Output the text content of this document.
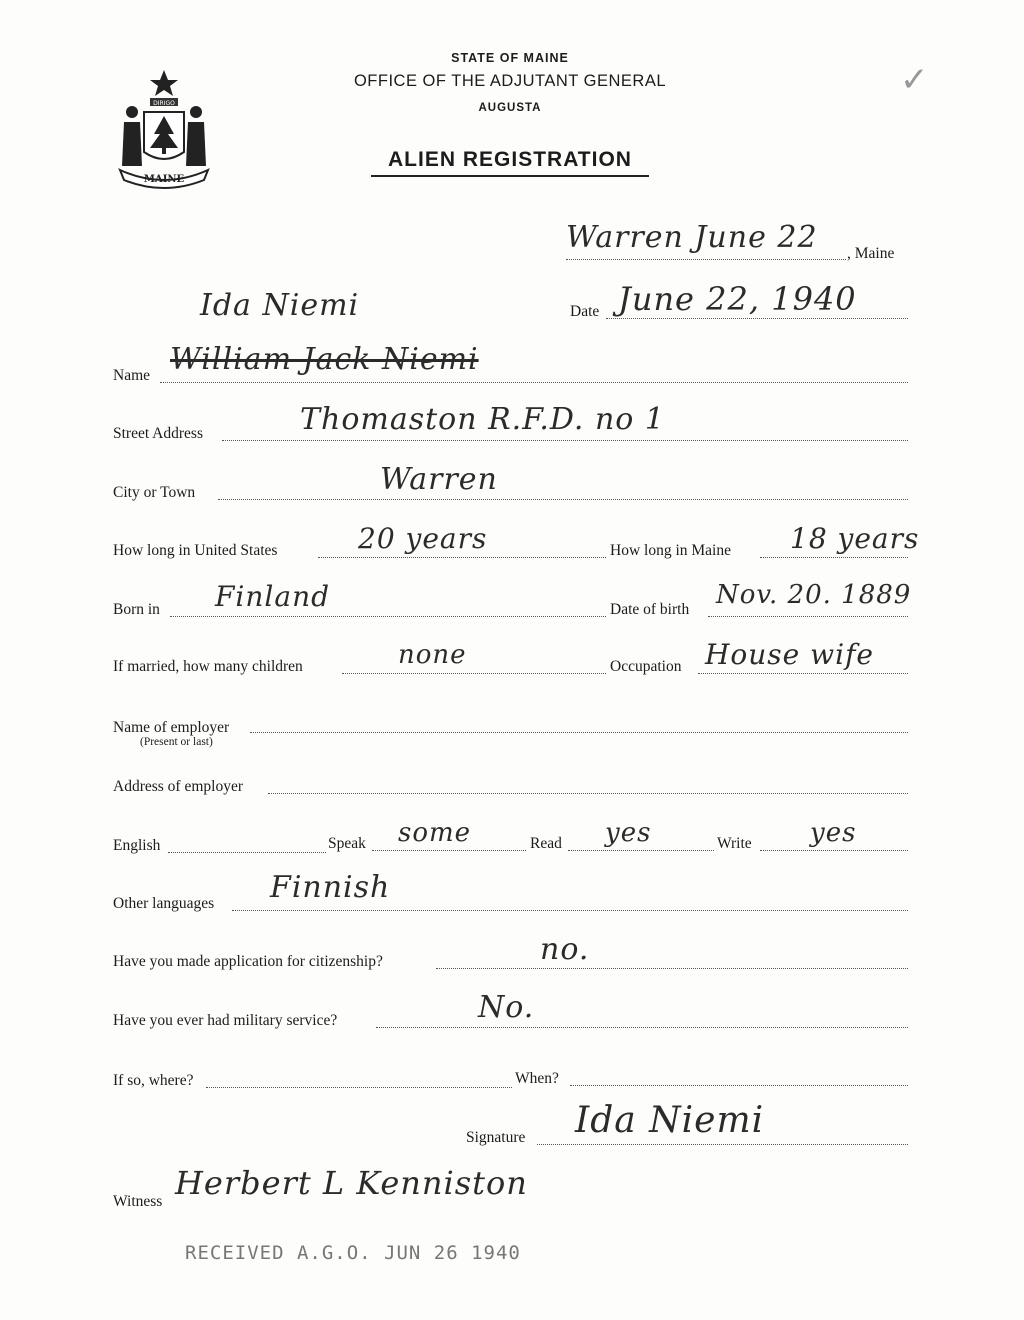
DIRIGO
MAINE
STATE OF MAINE
OFFICE OF THE ADJUTANT GENERAL
AUGUSTA
ALIEN REGISTRATION
✓
Warren June 22 , Maine
Ida Niemi	Date June 22, 1940
Name William Jack Niemi
Street Address	Thomaston R.F.D. no 1
City or Town	Warren
How long in United States	20 years	How long in Maine 18 years
Born in Finland	Date of birth Nov. 20. 1889
If married, how many children	none	Occupation House wife
Name of employer
(Present or last)
Address of employer
English	Speak some	Read yes	Write yes
Other languages Finnish
Have you made application for citizenship?	no.
Have you ever had military service?	No.
If so, where?	When?
Signature Ida Niemi
Witness Herbert L Kenniston
RECEIVED A.G.O. JUN 26 1940
